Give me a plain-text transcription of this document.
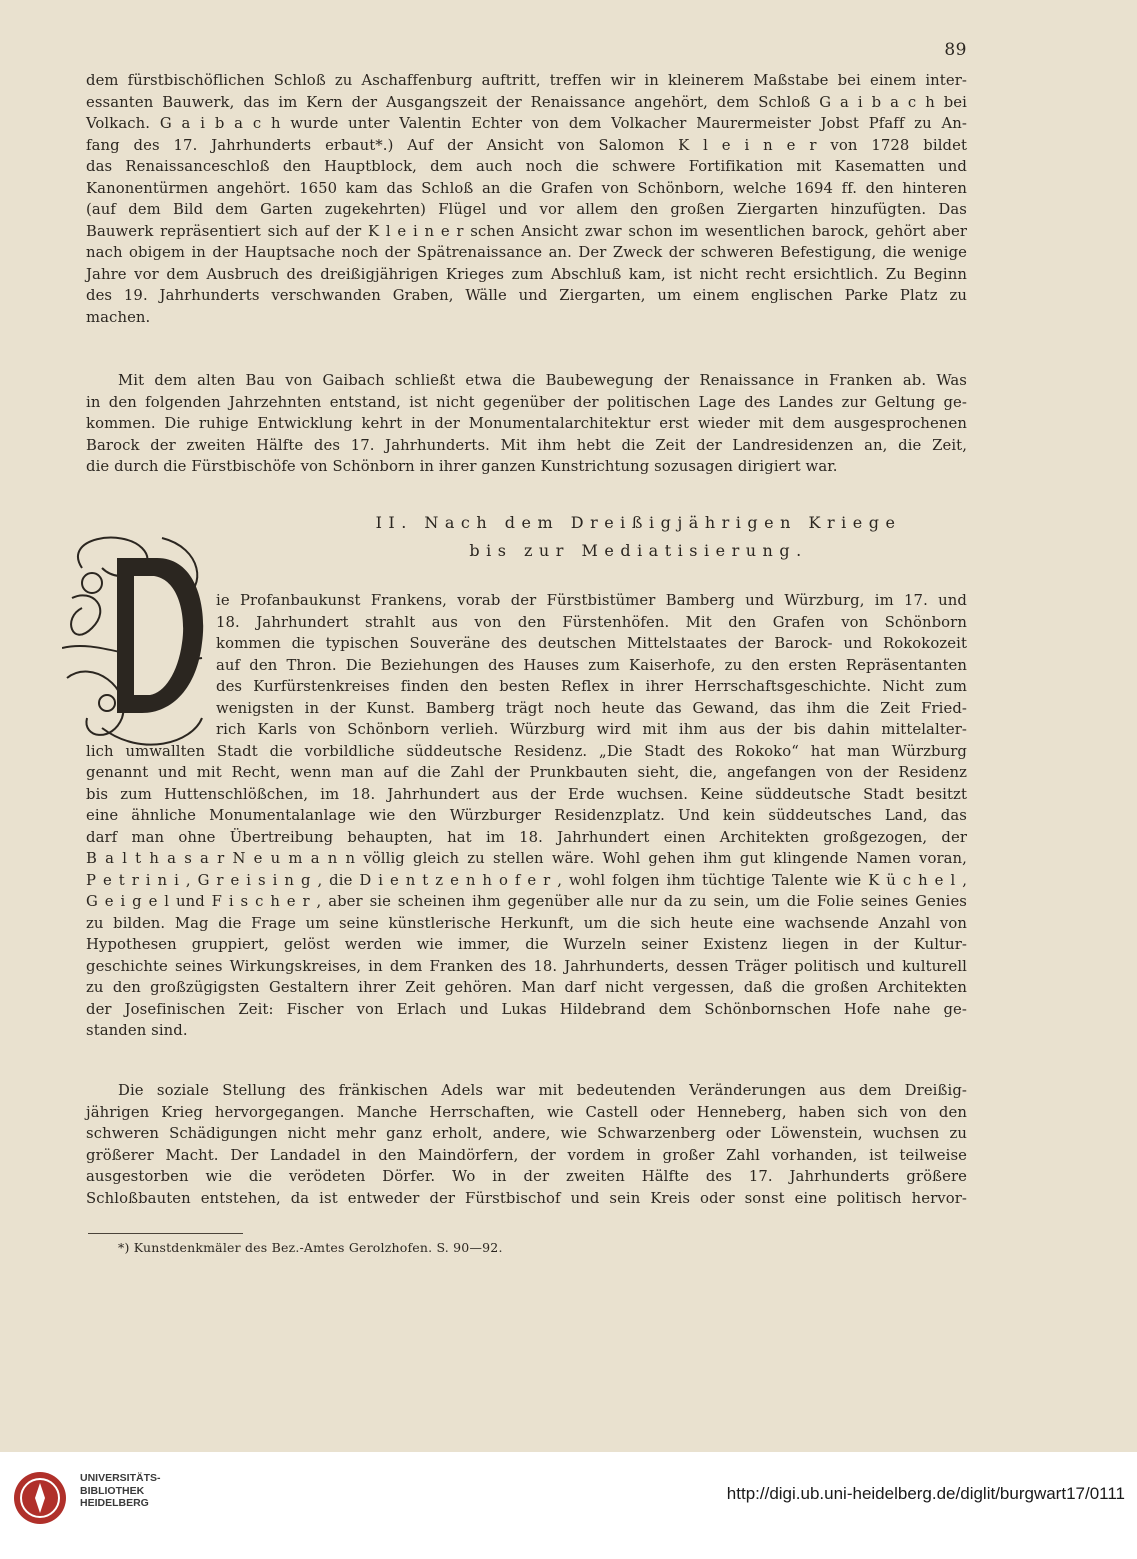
89
dem fürstbischöflichen Schloß zu Aschaffenburg auftritt, treffen wir in kleinerem Maßstabe bei einem inter-
essanten Bauwerk, das im Kern der Ausgangszeit der Renaissance angehört, dem Schloß G a i b a c h bei
Volkach. G a i b a c h wurde unter Valentin Echter von dem Volkacher Maurermeister Jobst Pfaff zu An-
fang des 17. Jahrhunderts erbaut*.) Auf der Ansicht von Salomon K l e i n e r von 1728 bildet
das Renaissanceschloß den Hauptblock, dem auch noch die schwere Fortifikation mit Kasematten und
Kanonentürmen angehört. 1650 kam das Schloß an die Grafen von Schönborn, welche 1694 ff. den hinteren
(auf dem Bild dem Garten zugekehrten) Flügel und vor allem den großen Ziergarten hinzufügten. Das
Bauwerk repräsentiert sich auf der K l e i n e r schen Ansicht zwar schon im wesentlichen barock, gehört aber
nach obigem in der Hauptsache noch der Spätrenaissance an. Der Zweck der schweren Befestigung, die wenige
Jahre vor dem Ausbruch des dreißigjährigen Krieges zum Abschluß kam, ist nicht recht ersichtlich. Zu Beginn
des 19. Jahrhunderts verschwanden Graben, Wälle und Ziergarten, um einem englischen Parke Platz zu
machen.
Mit dem alten Bau von Gaibach schließt etwa die Baubewegung der Renaissance in Franken ab. Was
in den folgenden Jahrzehnten entstand, ist nicht gegenüber der politischen Lage des Landes zur Geltung ge-
kommen. Die ruhige Entwicklung kehrt in der Monumentalarchitektur erst wieder mit dem ausgesprochenen
Barock der zweiten Hälfte des 17. Jahrhunderts. Mit ihm hebt die Zeit der Landresidenzen an, die Zeit,
die durch die Fürstbischöfe von Schönborn in ihrer ganzen Kunstrichtung sozusagen dirigiert war.
II. Nach dem Dreißigjährigen Kriege
bis zur Mediatisierung.
ie Profanbaukunst Frankens, vorab der Fürstbistümer Bamberg und Würzburg, im 17. und
18. Jahrhundert strahlt aus von den Fürstenhöfen. Mit den Grafen von Schönborn
kommen die typischen Souveräne des deutschen Mittelstaates der Barock- und Rokokozeit
auf den Thron. Die Beziehungen des Hauses zum Kaiserhofe, zu den ersten Repräsentanten
des Kurfürstenkreises finden den besten Reflex in ihrer Herrschaftsgeschichte. Nicht zum
wenigsten in der Kunst. Bamberg trägt noch heute das Gewand, das ihm die Zeit Fried-
rich Karls von Schönborn verlieh. Würzburg wird mit ihm aus der bis dahin mittelalter-
lich umwallten Stadt die vorbildliche süddeutsche Residenz. „Die Stadt des Rokoko“ hat man Würzburg
genannt und mit Recht, wenn man auf die Zahl der Prunkbauten sieht, die, angefangen von der Residenz
bis zum Huttenschlößchen, im 18. Jahrhundert aus der Erde wuchsen. Keine süddeutsche Stadt besitzt
eine ähnliche Monumentalanlage wie den Würzburger Residenzplatz. Und kein süddeutsches Land, das
darf man ohne Übertreibung behaupten, hat im 18. Jahrhundert einen Architekten großgezogen, der
B a l t h a s a r N e u m a n n völlig gleich zu stellen wäre. Wohl gehen ihm gut klingende Namen voran,
P e t r i n i , G r e i s i n g , die D i e n t z e n h o f e r , wohl folgen ihm tüchtige Talente wie K ü c h e l ,
G e i g e l und F i s c h e r , aber sie scheinen ihm gegenüber alle nur da zu sein, um die Folie seines Genies
zu bilden. Mag die Frage um seine künstlerische Herkunft, um die sich heute eine wachsende Anzahl von
Hypothesen gruppiert, gelöst werden wie immer, die Wurzeln seiner Existenz liegen in der Kultur-
geschichte seines Wirkungskreises, in dem Franken des 18. Jahrhunderts, dessen Träger politisch und kulturell
zu den großzügigsten Gestaltern ihrer Zeit gehören. Man darf nicht vergessen, daß die großen Architekten
der Josefinischen Zeit: Fischer von Erlach und Lukas Hildebrand dem Schönbornschen Hofe nahe ge-
standen sind.
Die soziale Stellung des fränkischen Adels war mit bedeutenden Veränderungen aus dem Dreißig-
jährigen Krieg hervorgegangen. Manche Herrschaften, wie Castell oder Henneberg, haben sich von den
schweren Schädigungen nicht mehr ganz erholt, andere, wie Schwarzenberg oder Löwenstein, wuchsen zu
größerer Macht. Der Landadel in den Maindörfern, der vordem in großer Zahl vorhanden, ist teilweise
ausgestorben wie die verödeten Dörfer. Wo in der zweiten Hälfte des 17. Jahrhunderts größere
Schloßbauten entstehen, da ist entweder der Fürstbischof und sein Kreis oder sonst eine politisch hervor-
*) Kunstdenkmäler des Bez.-Amtes Gerolzhofen. S. 90—92.
UNIVERSITÄTS-
BIBLIOTHEK
HEIDELBERG	http://digi.ub.uni-heidelberg.de/diglit/burgwart17/0111
